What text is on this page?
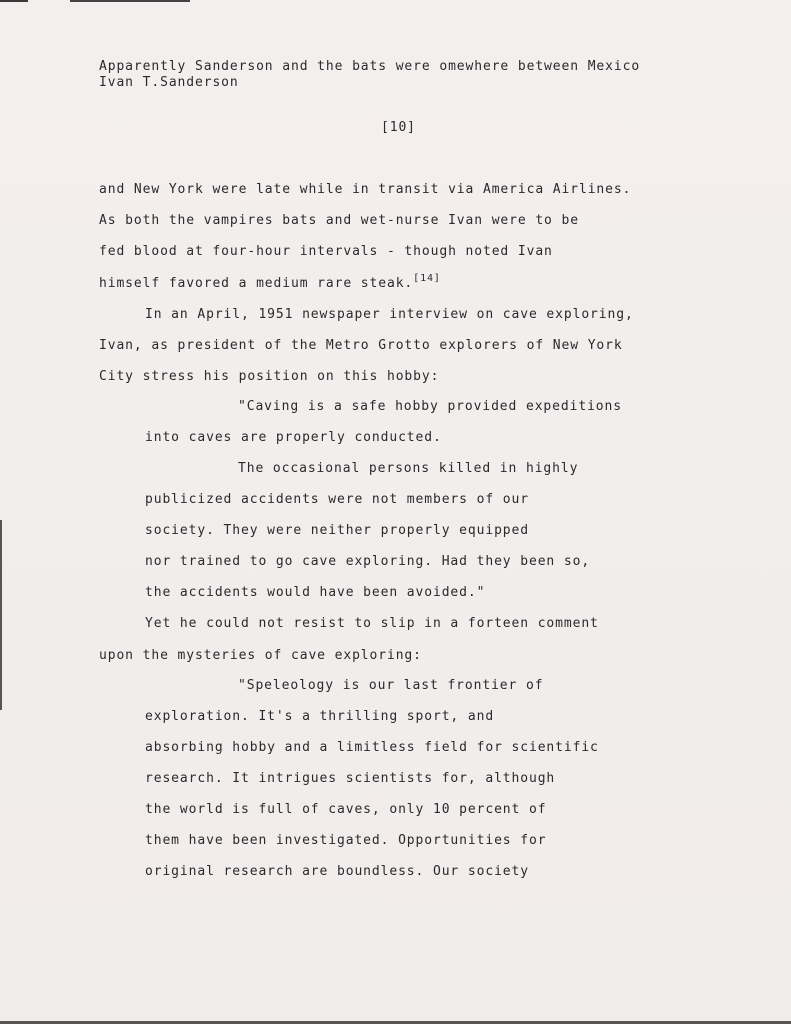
Apparently Sanderson and the bats were omewhere between Mexico
Ivan T.Sanderson
[10]
and New York were late while in transit via America Airlines.
As both the vampires bats and wet-nurse Ivan were to be
fed blood at four-hour intervals - though noted Ivan
himself favored a medium rare steak.[14]
In an April, 1951 newspaper interview on cave exploring,
Ivan, as president of the Metro Grotto explorers of New York
City stress his position on this hobby:
"Caving is a safe hobby provided expeditions
into caves are properly conducted.
The occasional persons killed in highly
publicized accidents were not members of our
society. They were neither properly equipped
nor trained to go cave exploring. Had they been so,
the accidents would have been avoided."
Yet he could not resist to slip in a forteen comment
upon the mysteries of cave exploring:
"Speleology is our last frontier of
exploration. It's a thrilling sport, and
absorbing hobby and a limitless field for scientific
research. It intrigues scientists for, although
the world is full of caves, only 10 percent of
them have been investigated. Opportunities for
original research are boundless. Our society
